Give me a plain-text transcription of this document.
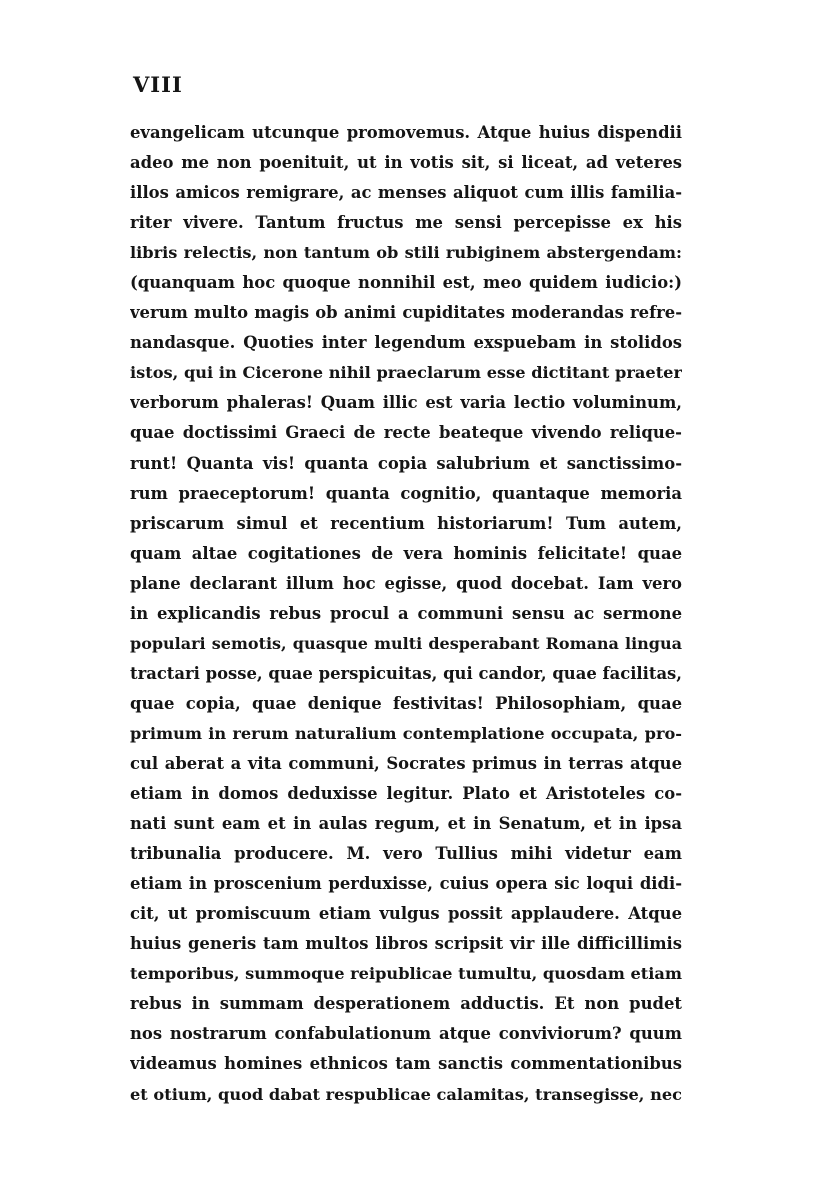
VIII
evangelicam utcunque promovemus. Atque huius dispendii
adeo me non poenituit, ut in votis sit, si liceat, ad veteres
illos amicos remigrare, ac menses aliquot cum illis familia-
riter vivere. Tantum fructus me sensi percepisse ex his
libris relectis, non tantum ob stili rubiginem abstergendam:
(quanquam hoc quoque nonnihil est, meo quidem iudicio:)
verum multo magis ob animi cupiditates moderandas refre-
nandasque. Quoties inter legendum exspuebam in stolidos
istos, qui in Cicerone nihil praeclarum esse dictitant praeter
verborum phaleras! Quam illic est varia lectio voluminum,
quae doctissimi Graeci de recte beateque vivendo relique-
runt! Quanta vis! quanta copia salubrium et sanctissimo-
rum praeceptorum! quanta cognitio, quantaque memoria
priscarum simul et recentium historiarum! Tum autem,
quam altae cogitationes de vera hominis felicitate! quae
plane declarant illum hoc egisse, quod docebat. Iam vero
in explicandis rebus procul a communi sensu ac sermone
populari semotis, quasque multi desperabant Romana lingua
tractari posse, quae perspicuitas, qui candor, quae facilitas,
quae copia, quae denique festivitas! Philosophiam, quae
primum in rerum naturalium contemplatione occupata, pro-
cul aberat a vita communi, Socrates primus in terras atque
etiam in domos deduxisse legitur. Plato et Aristoteles co-
nati sunt eam et in aulas regum, et in Senatum, et in ipsa
tribunalia producere. M. vero Tullius mihi videtur eam
etiam in proscenium perduxisse, cuius opera sic loqui didi-
cit, ut promiscuum etiam vulgus possit applaudere. Atque
huius generis tam multos libros scripsit vir ille difficillimis
temporibus, summoque reipublicae tumultu, quosdam etiam
rebus in summam desperationem adductis. Et non pudet
nos nostrarum confabulationum atque conviviorum? quum
videamus homines ethnicos tam sanctis commentationibus
et otium, quod dabat respublicae calamitas, transegisse, nec
